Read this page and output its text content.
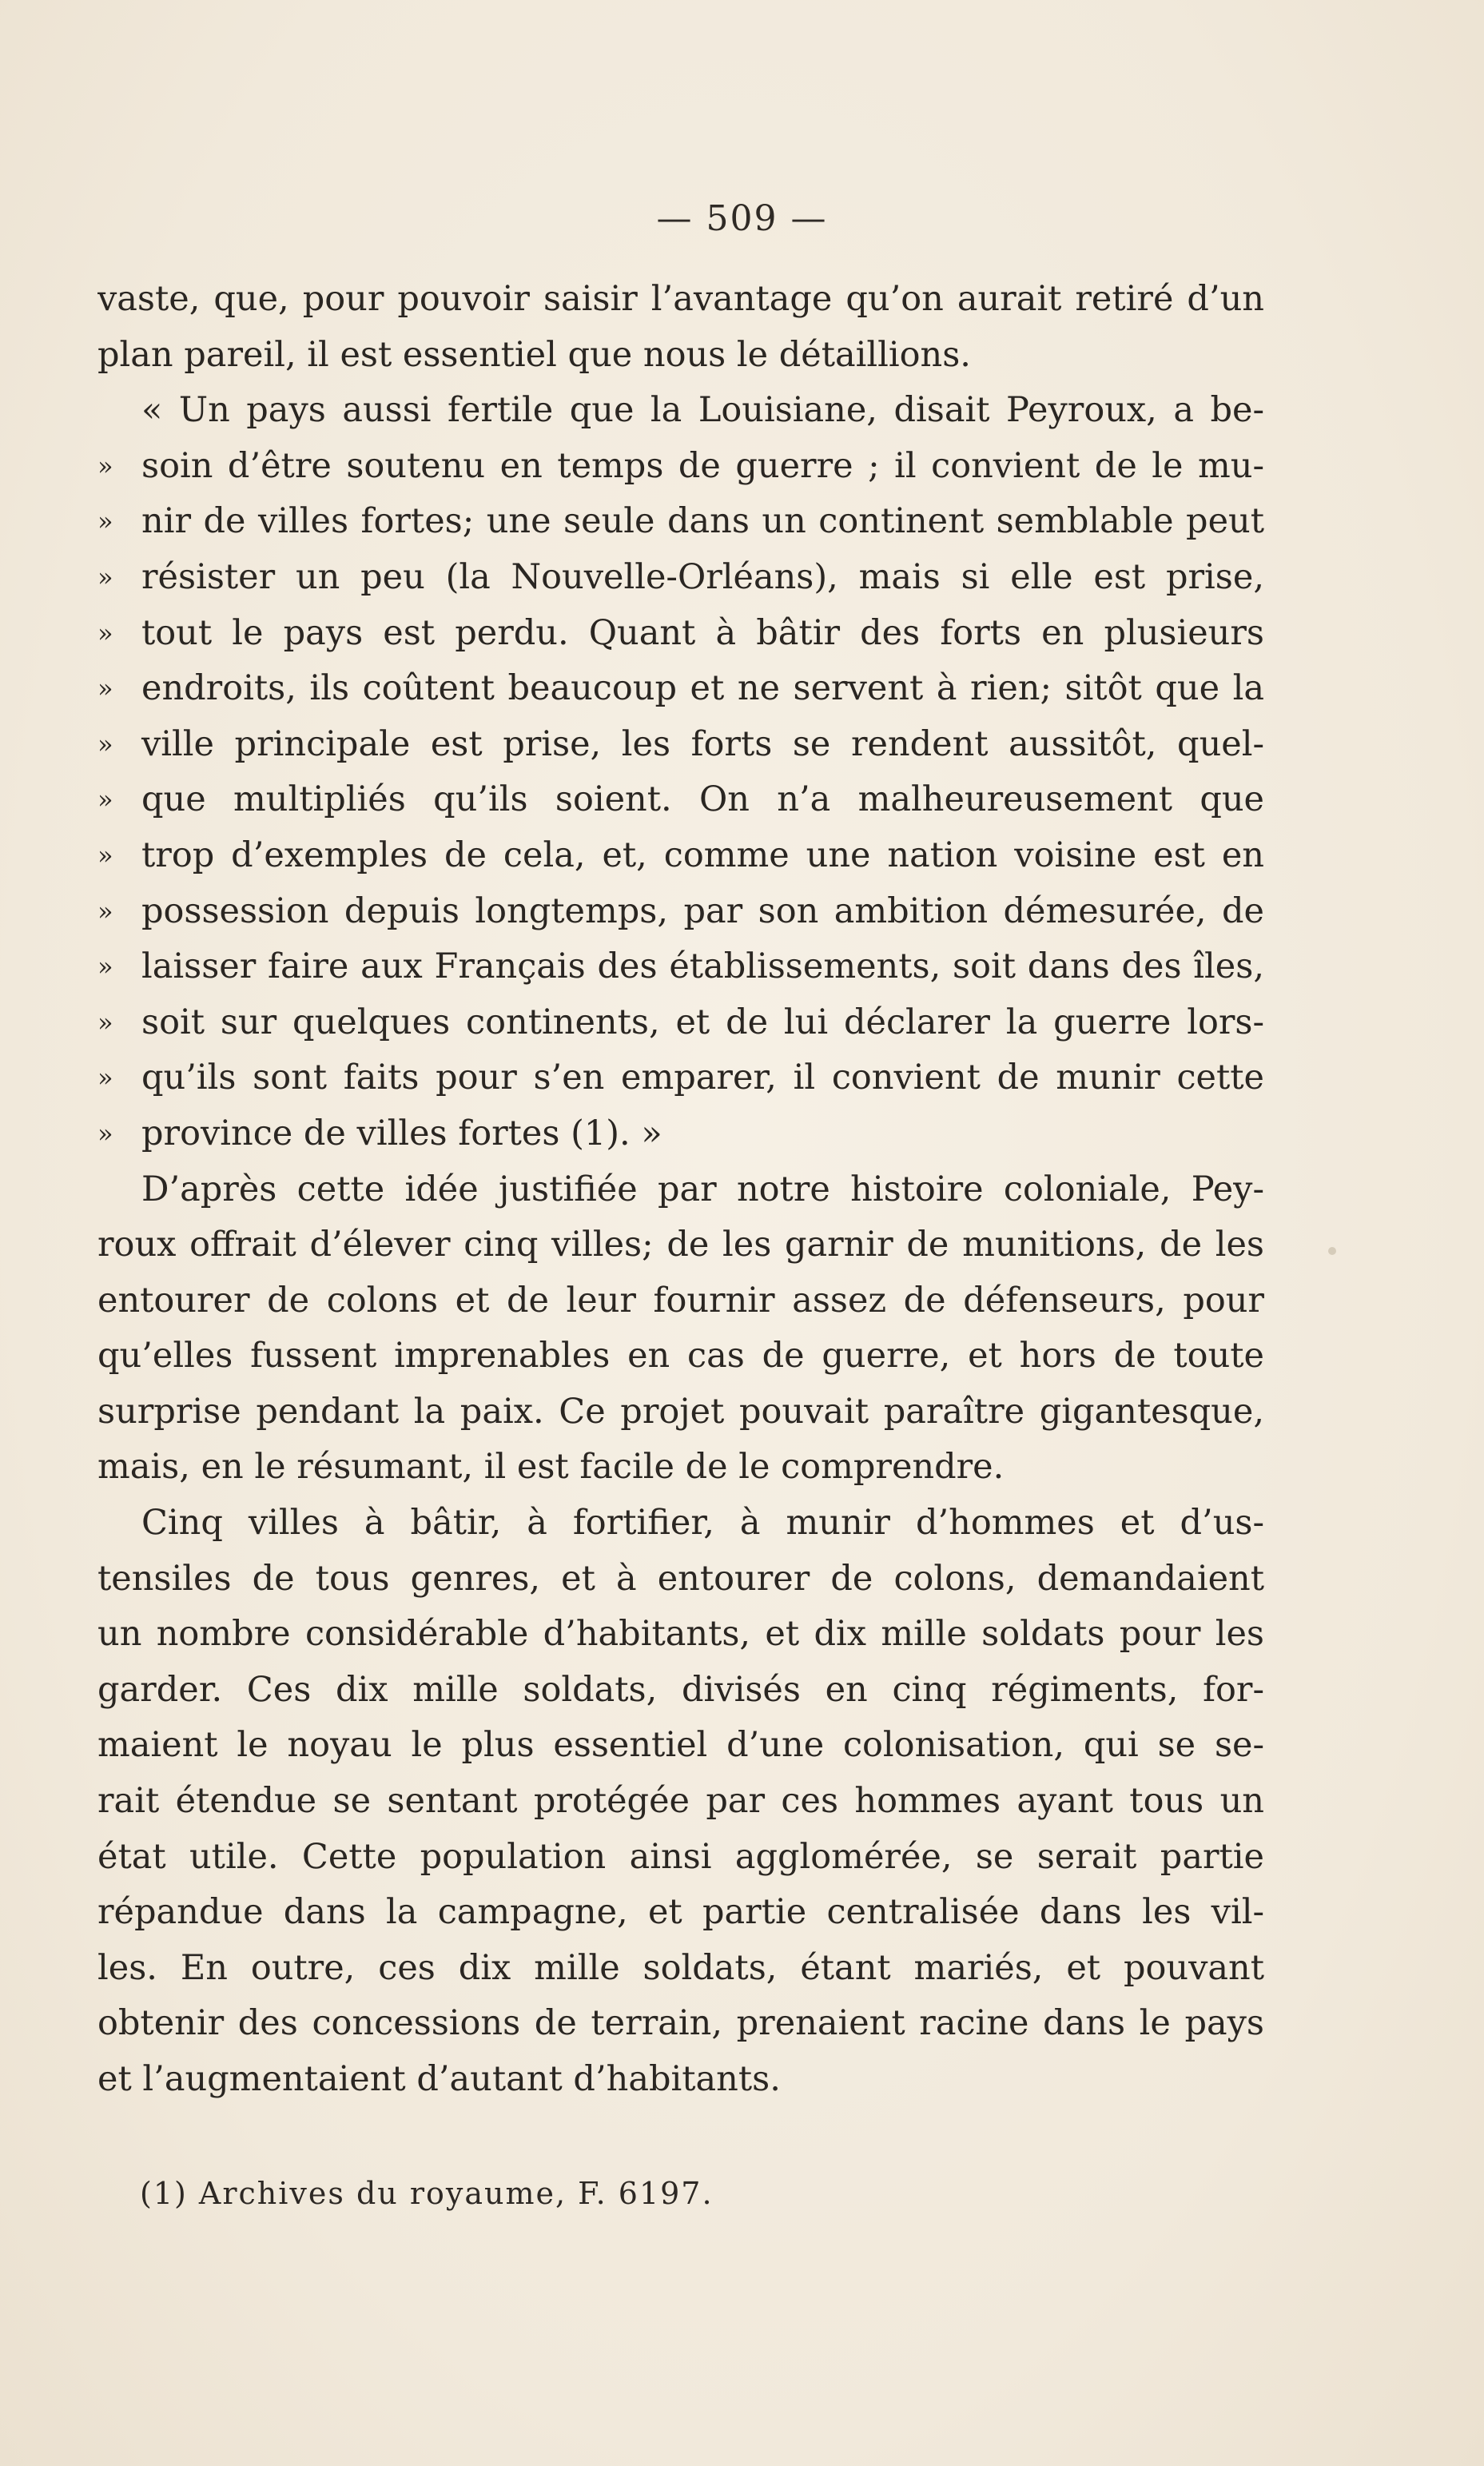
— 509 —
vaste, que, pour pouvoir saisir l’avantage qu’on aurait retiré d’un
plan pareil, il est essentiel que nous le détaillions.
« Un pays aussi fertile que la Louisiane, disait Peyroux, a be-
» soin d’être soutenu en temps de guerre ; il convient de le mu-
» nir de villes fortes; une seule dans un continent semblable peut
» résister un peu (la Nouvelle-Orléans), mais si elle est prise,
» tout le pays est perdu. Quant à bâtir des forts en plusieurs
» endroits, ils coûtent beaucoup et ne servent à rien; sitôt que la
» ville principale est prise, les forts se rendent aussitôt, quel-
» que multipliés qu’ils soient. On n’a malheureusement que
» trop d’exemples de cela, et, comme une nation voisine est en
» possession depuis longtemps, par son ambition démesurée, de
» laisser faire aux Français des établissements, soit dans des îles,
» soit sur quelques continents, et de lui déclarer la guerre lors-
» qu’ils sont faits pour s’en emparer, il convient de munir cette
» province de villes fortes (1). »
D’après cette idée justifiée par notre histoire coloniale, Pey-
roux offrait d’élever cinq villes; de les garnir de munitions, de les
entourer de colons et de leur fournir assez de défenseurs, pour
qu’elles fussent imprenables en cas de guerre, et hors de toute
surprise pendant la paix. Ce projet pouvait paraître gigantesque,
mais, en le résumant, il est facile de le comprendre.
Cinq villes à bâtir, à fortifier, à munir d’hommes et d’us-
tensiles de tous genres, et à entourer de colons, demandaient
un nombre considérable d’habitants, et dix mille soldats pour les
garder. Ces dix mille soldats, divisés en cinq régiments, for-
maient le noyau le plus essentiel d’une colonisation, qui se se-
rait étendue se sentant protégée par ces hommes ayant tous un
état utile. Cette population ainsi agglomérée, se serait partie
répandue dans la campagne, et partie centralisée dans les vil-
les. En outre, ces dix mille soldats, étant mariés, et pouvant
obtenir des concessions de terrain, prenaient racine dans le pays
et l’augmentaient d’autant d’habitants.
(1) Archives du royaume, F. 6197.
